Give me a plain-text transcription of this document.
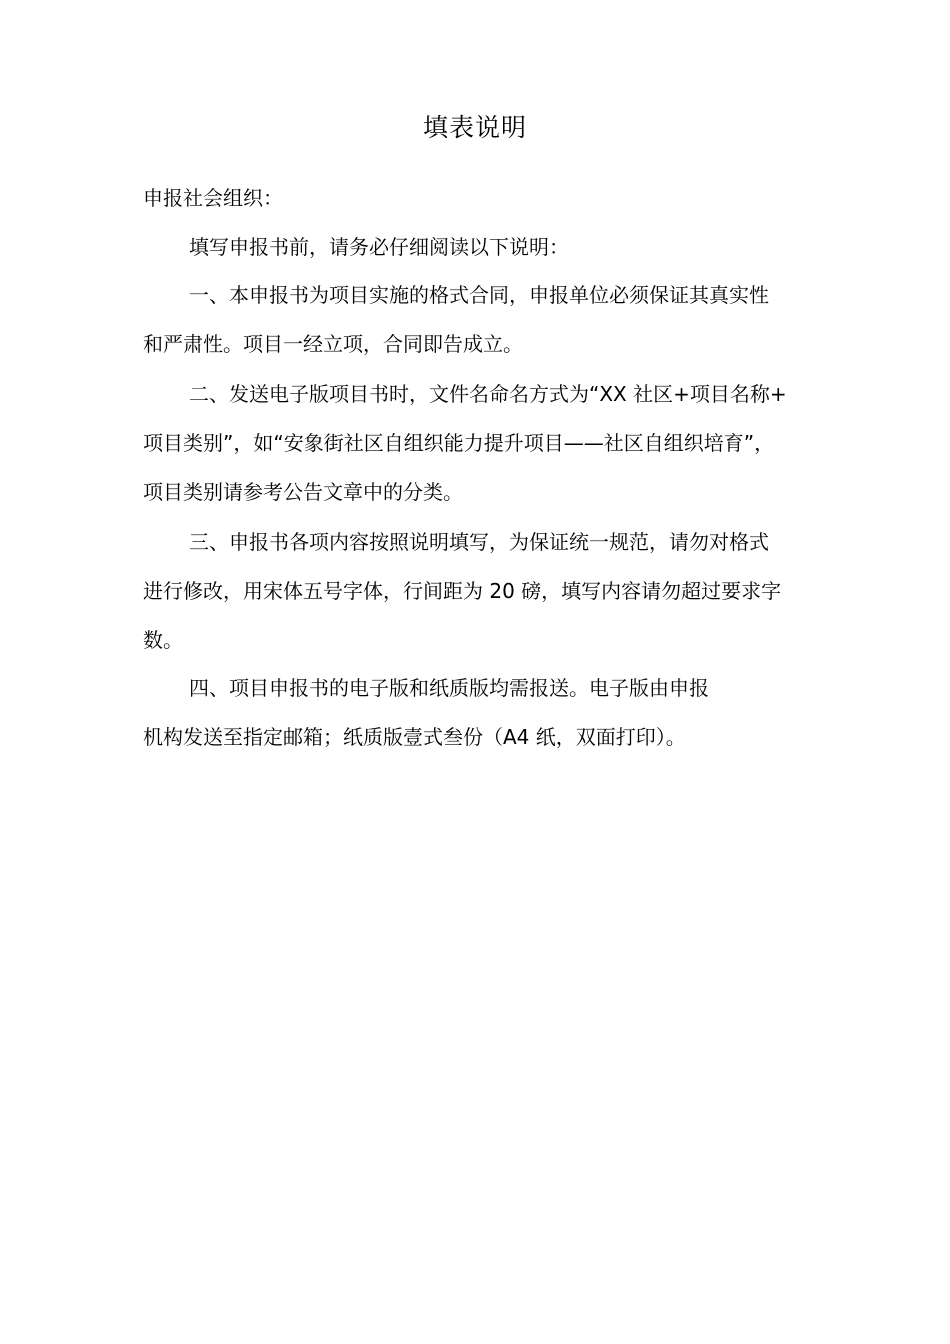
填表说明
申报社会组织：
填写申报书前，请务必仔细阅读以下说明：
一、本申报书为项目实施的格式合同，申报单位必须保证其真实性
和严肃性。项目一经立项，合同即告成立。
二、发送电子版项目书时，文件名命名方式为“XX 社区+项目名称+
项目类别”，如“安象街社区自组织能力提升项目——社区自组织培育”，
项目类别请参考公告文章中的分类。
三、申报书各项内容按照说明填写，为保证统一规范，请勿对格式
进行修改，用宋体五号字体，行间距为 20 磅，填写内容请勿超过要求字
数。
四、项目申报书的电子版和纸质版均需报送。电子版由申报
机构发送至指定邮箱；纸质版壹式叁份（A4 纸，双面打印）。
